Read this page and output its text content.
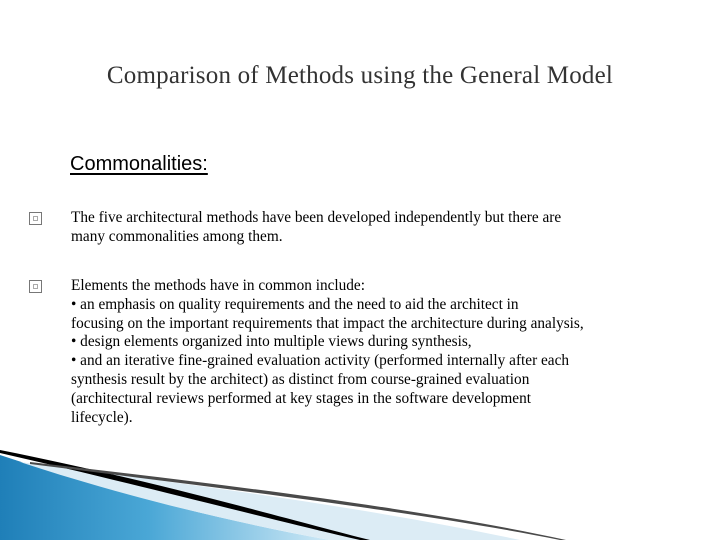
Comparison of Methods using the General Model
Commonalities:
The five architectural methods have been developed independently but there are
many commonalities among them.
Elements the methods have in common include:
• an emphasis on quality requirements and the need to aid the architect in
focusing on the important requirements that impact the architecture during analysis,
• design elements organized into multiple views during synthesis,
• and an iterative fine-grained evaluation activity (performed internally after each
synthesis result by the architect) as distinct from course-grained evaluation
(architectural reviews performed at key stages in the software development
lifecycle).
